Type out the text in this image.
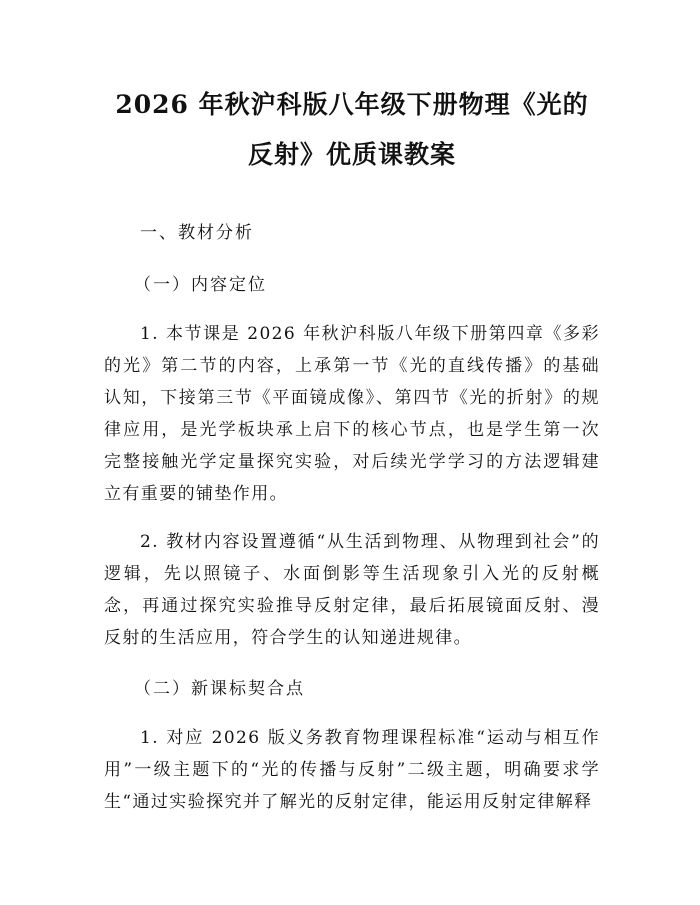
2026 年秋沪科版八年级下册物理《光的反射》优质课教案

一、教材分析

（一）内容定位

1. 本节课是 2026 年秋沪科版八年级下册第四章《多彩的光》第二节的内容，上承第一节《光的直线传播》的基础认知，下接第三节《平面镜成像》、第四节《光的折射》的规律应用，是光学板块承上启下的核心节点，也是学生第一次完整接触光学定量探究实验，对后续光学学习的方法逻辑建立有重要的铺垫作用。

2. 教材内容设置遵循“从生活到物理、从物理到社会”的逻辑，先以照镜子、水面倒影等生活现象引入光的反射概念，再通过探究实验推导反射定律，最后拓展镜面反射、漫反射的生活应用，符合学生的认知递进规律。

（二）新课标契合点

1. 对应 2026 版义务教育物理课程标准“运动与相互作用”一级主题下的“光的传播与反射”二级主题，明确要求学生“通过实验探究并了解光的反射定律，能运用反射定律解释
